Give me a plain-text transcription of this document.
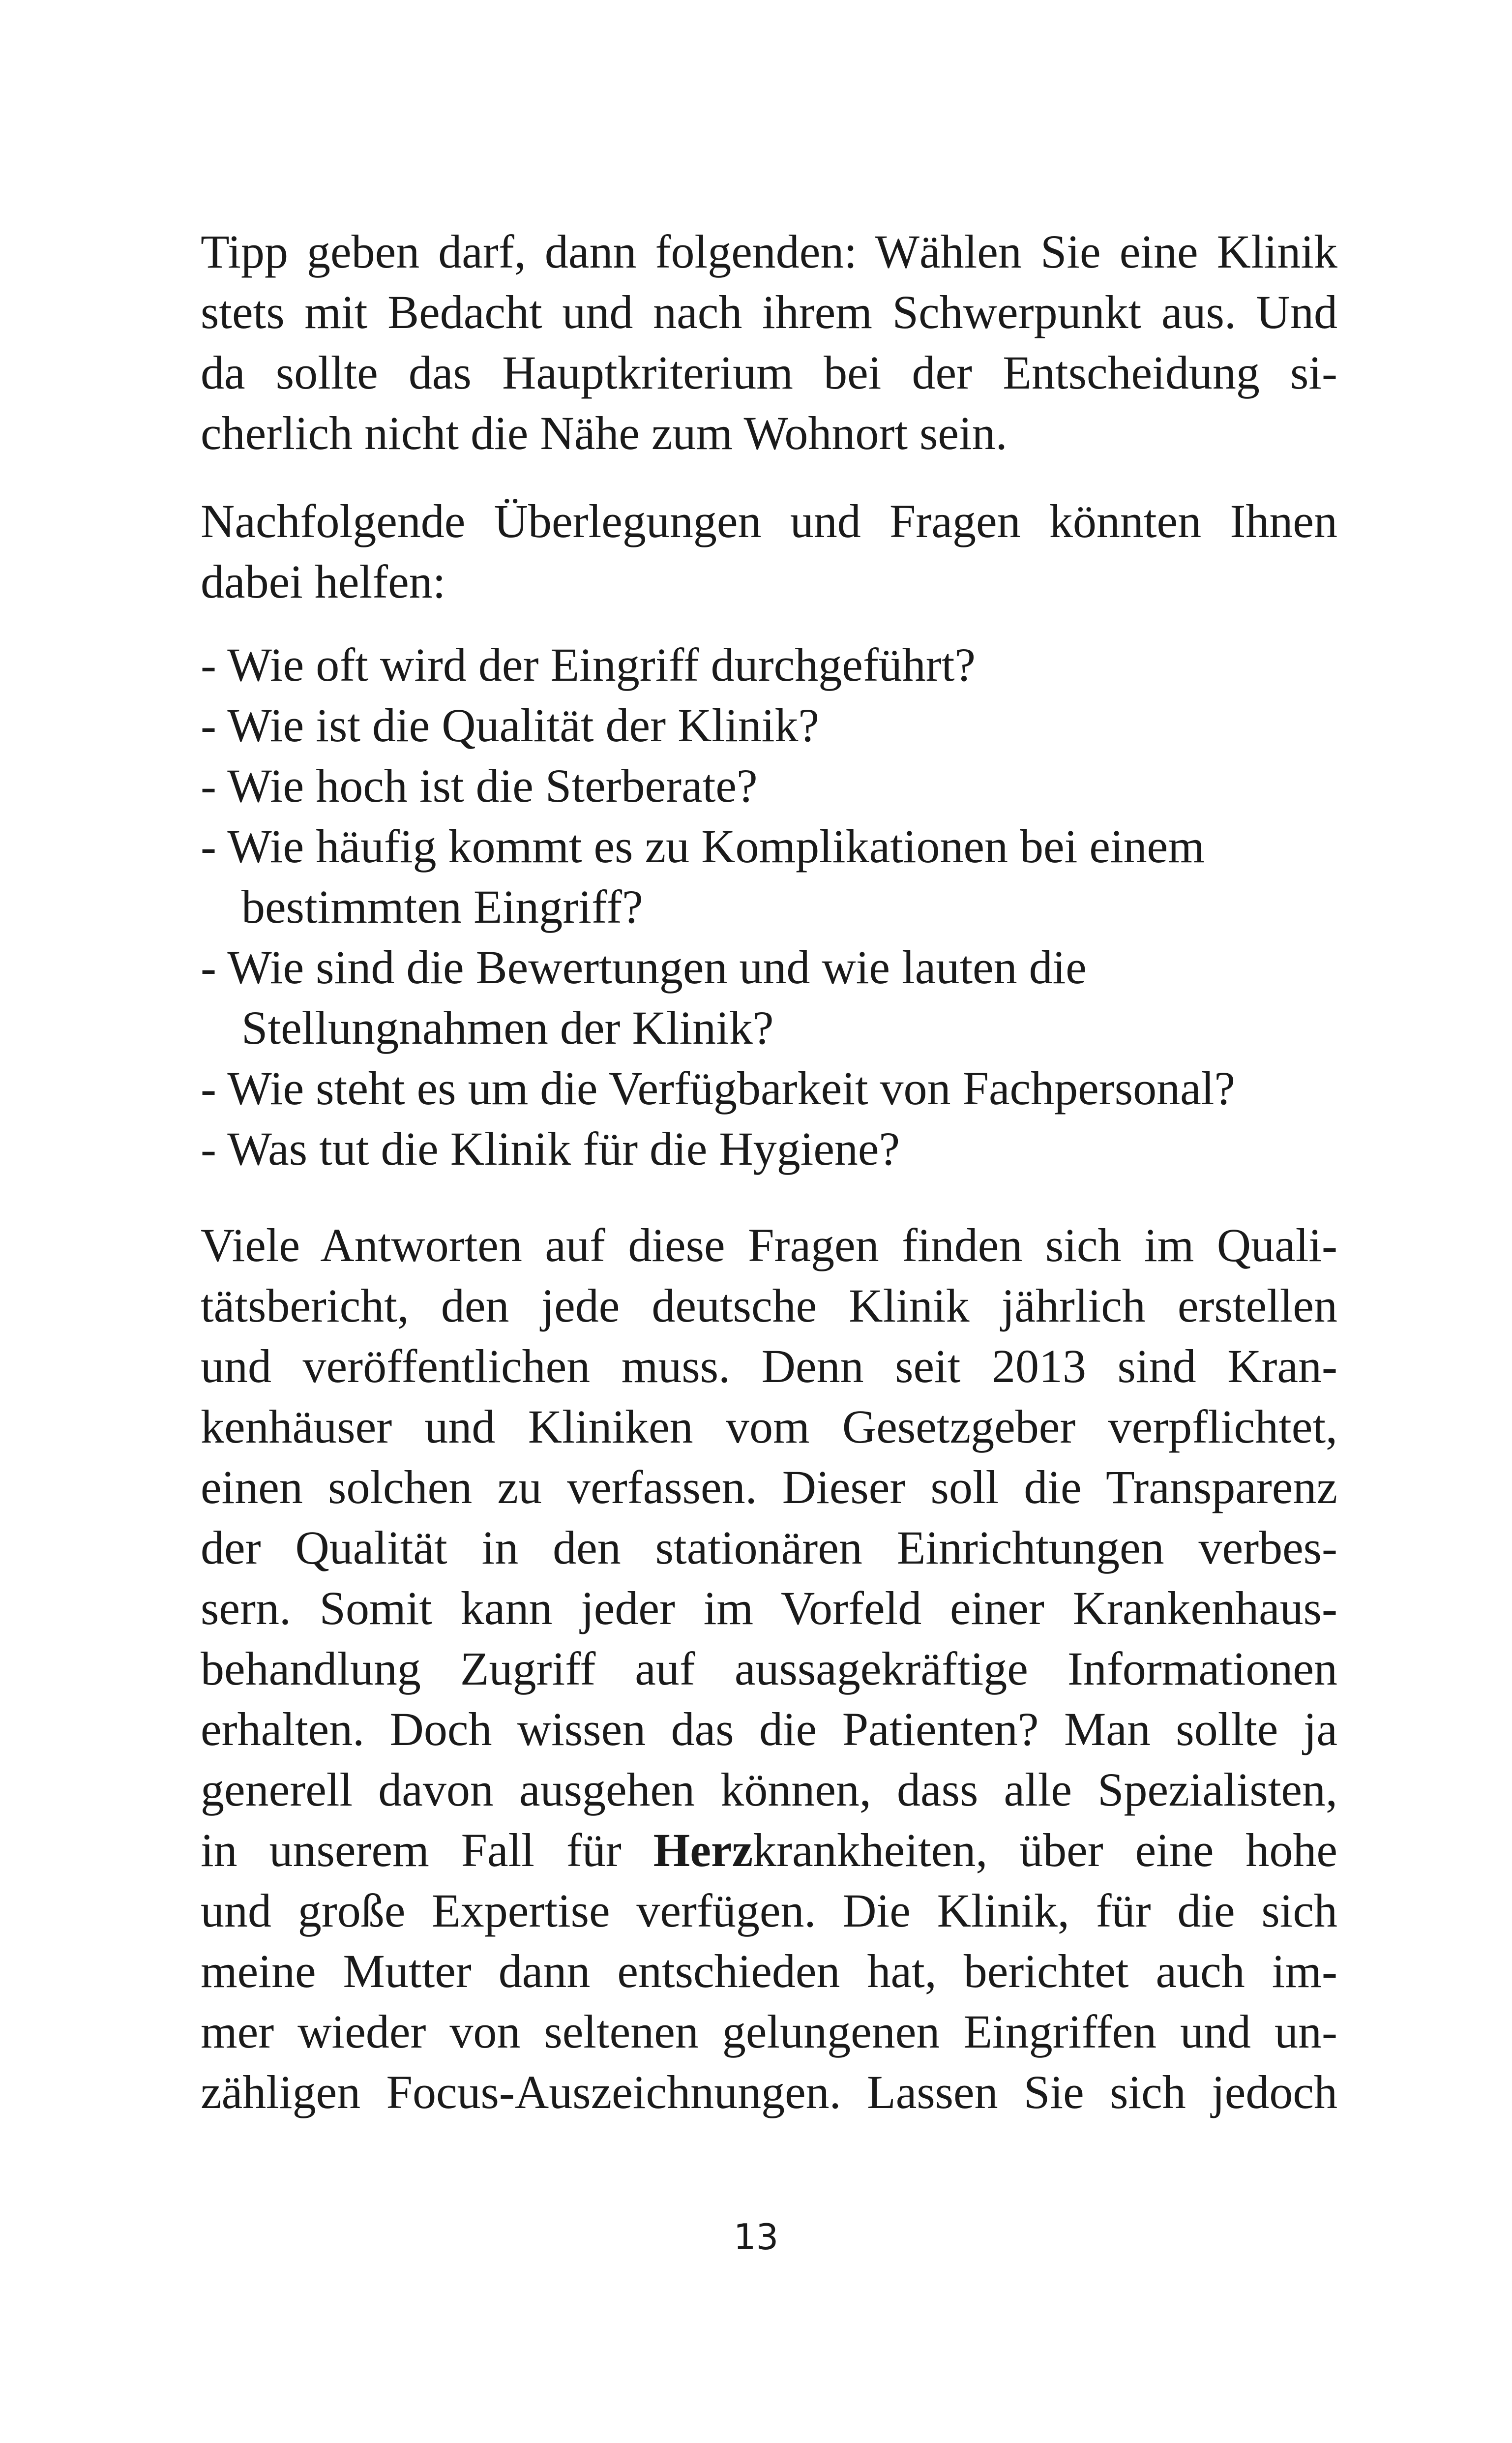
Tipp geben darf, dann folgenden: Wählen Sie eine Klinik
stets mit Bedacht und nach ihrem Schwerpunkt aus. Und
da sollte das Hauptkriterium bei der Entscheidung si-
cherlich nicht die Nähe zum Wohnort sein.

Nachfolgende Überlegungen und Fragen könnten Ihnen
dabei helfen:

- Wie oft wird der Eingriff durchgeführt?
- Wie ist die Qualität der Klinik?
- Wie hoch ist die Sterberate?
- Wie häufig kommt es zu Komplikationen bei einem
bestimmten Eingriff?
- Wie sind die Bewertungen und wie lauten die
Stellungnahmen der Klinik?
- Wie steht es um die Verfügbarkeit von Fachpersonal?
- Was tut die Klinik für die Hygiene?

Viele Antworten auf diese Fragen finden sich im Quali-
tätsbericht, den jede deutsche Klinik jährlich erstellen
und veröffentlichen muss. Denn seit 2013 sind Kran-
kenhäuser und Kliniken vom Gesetzgeber verpflichtet,
einen solchen zu verfassen. Dieser soll die Transparenz
der Qualität in den stationären Einrichtungen verbes-
sern. Somit kann jeder im Vorfeld einer Krankenhaus-
behandlung Zugriff auf aussagekräftige Informationen
erhalten. Doch wissen das die Patienten? Man sollte ja
generell davon ausgehen können, dass alle Spezialisten,
in unserem Fall für Herzkrankheiten, über eine hohe
und große Expertise verfügen. Die Klinik, für die sich
meine Mutter dann entschieden hat, berichtet auch im-
mer wieder von seltenen gelungenen Eingriffen und un-
zähligen Focus-Auszeichnungen. Lassen Sie sich jedoch

13
